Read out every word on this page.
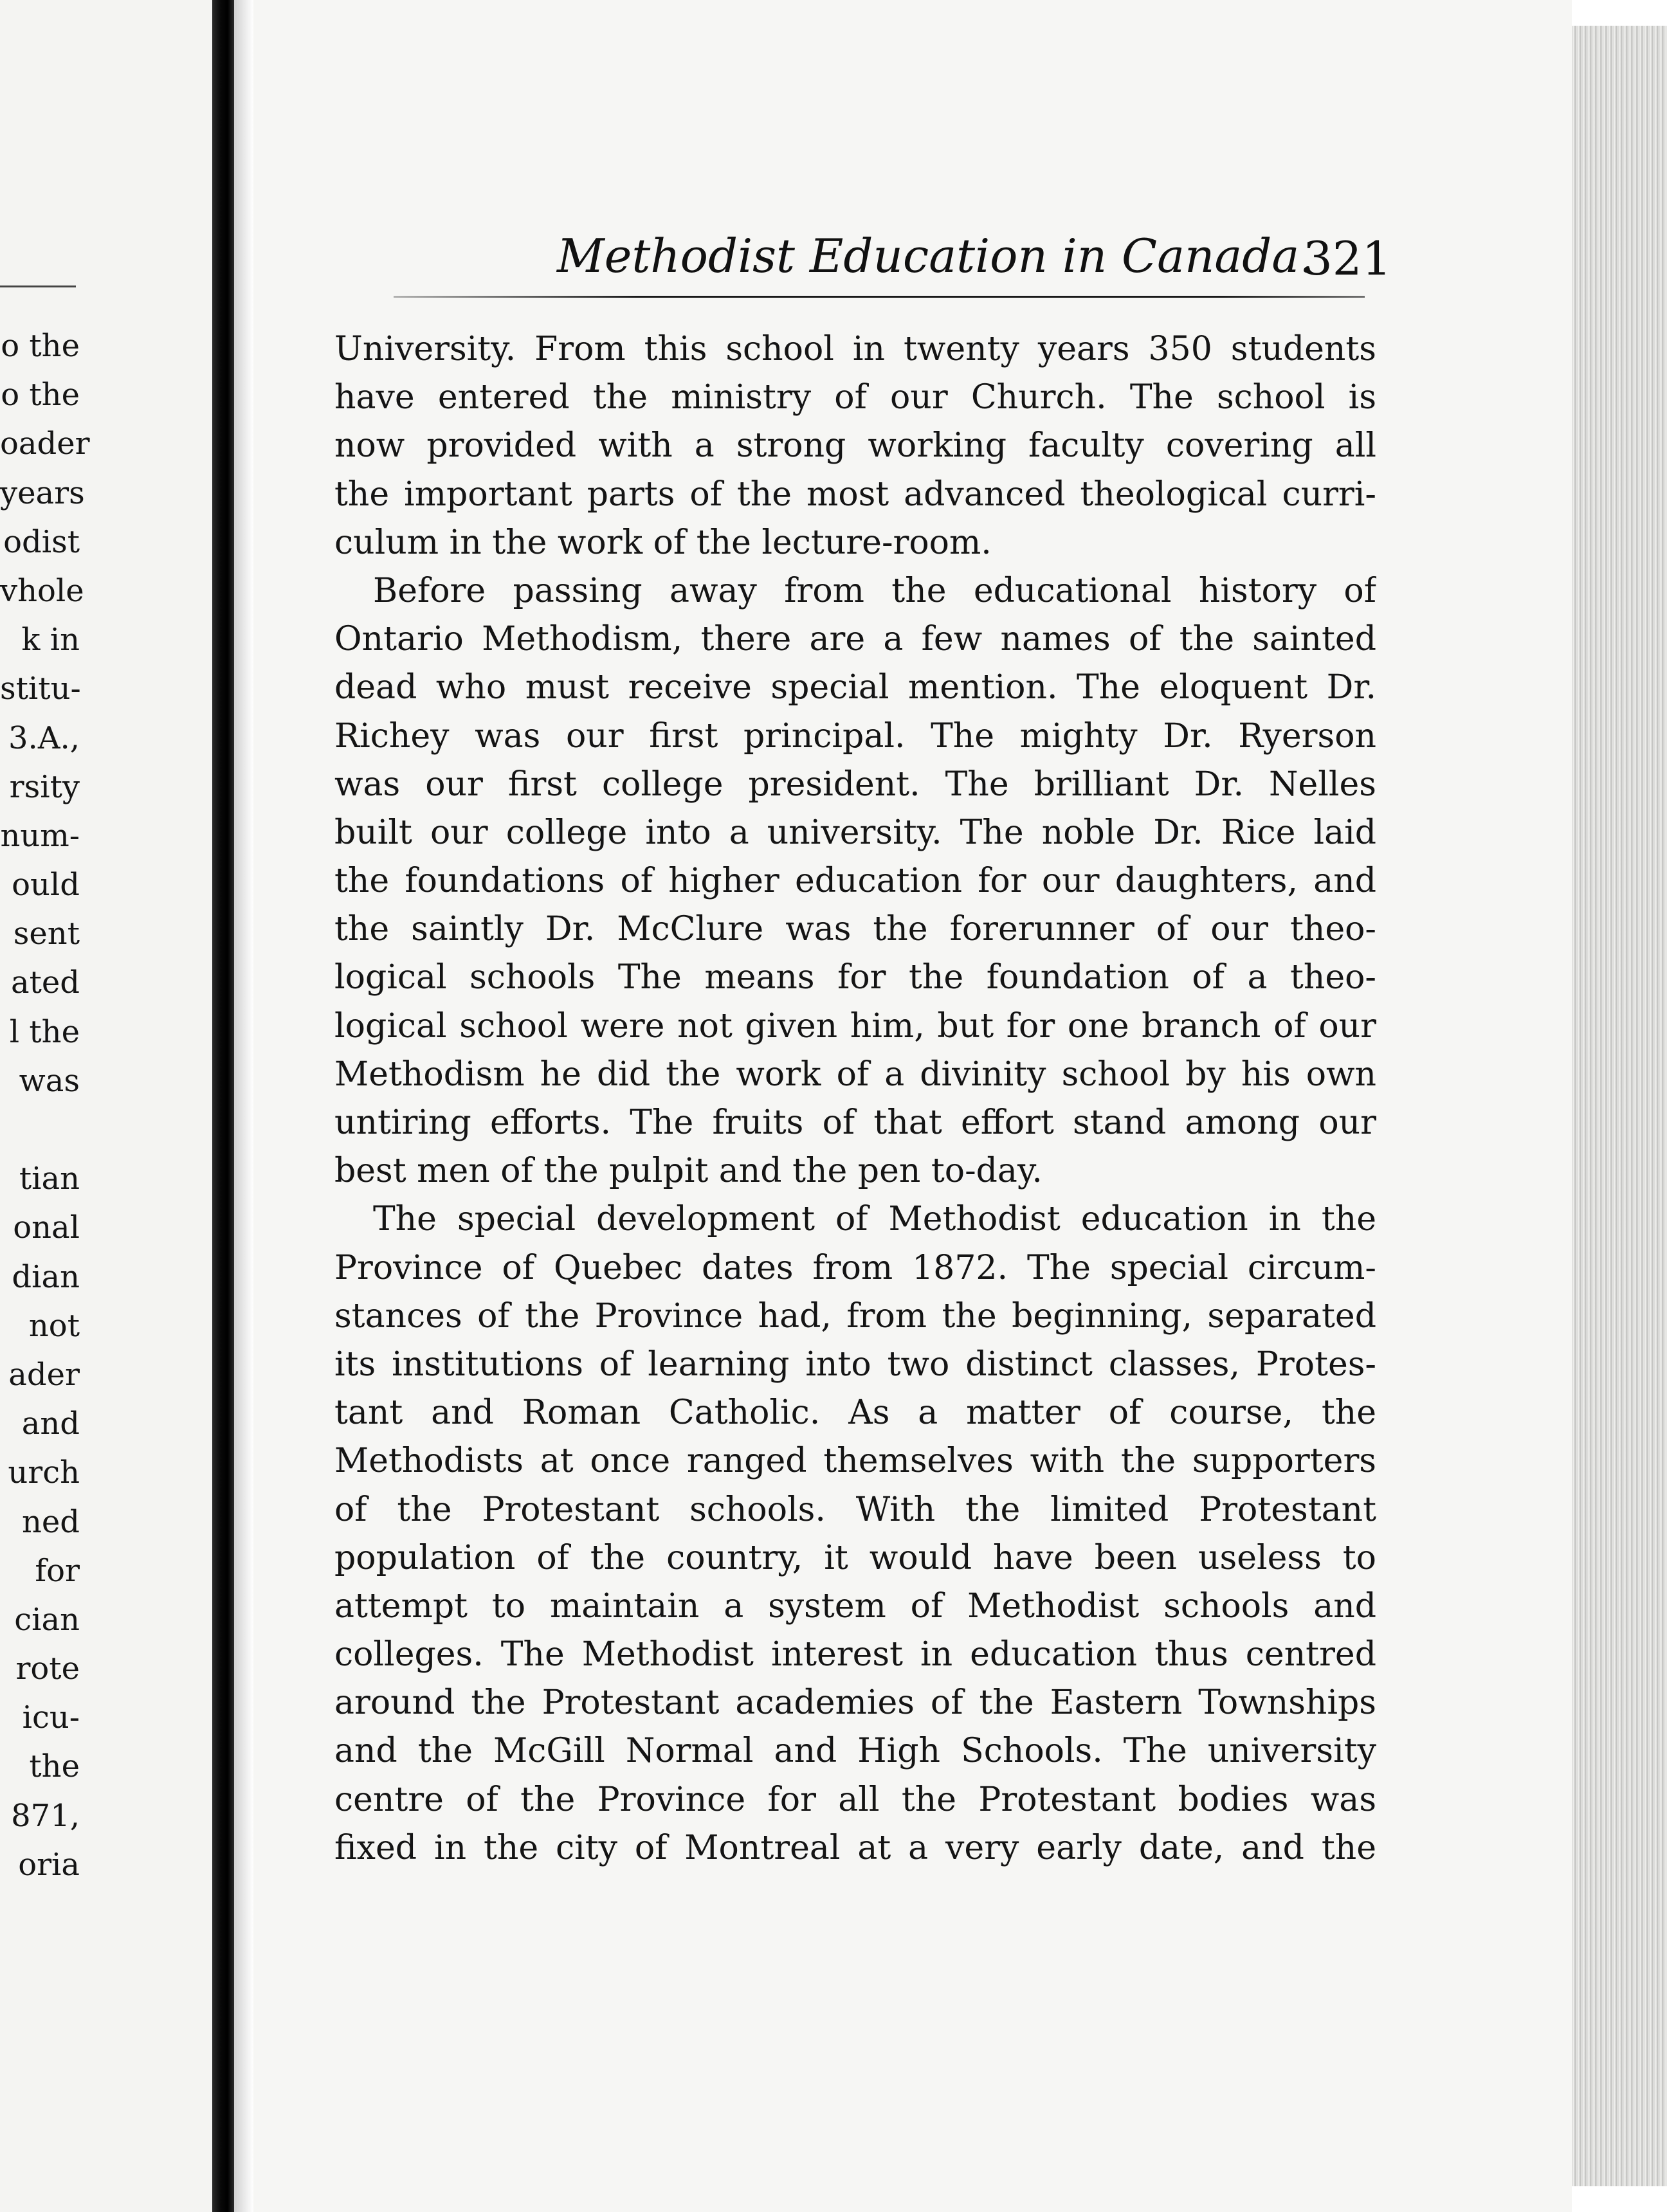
o the
o the
oader
years
odist
vhole
k in
stitu-
3.A.,
rsity
num-
ould
sent
ated
l the
was
tian
onal
dian
not
ader
and
urch
ned
for
cian
rote
icu-
the
871,
oria
Methodist Education in Canada.
321
University. From this school in twenty years 350 students
have entered the ministry of our Church. The school is
now provided with a strong working faculty covering all
the important parts of the most advanced theological curri-
culum in the work of the lecture-room.
Before passing away from the educational history of
Ontario Methodism, there are a few names of the sainted
dead who must receive special mention. The eloquent Dr.
Richey was our first principal. The mighty Dr. Ryerson
was our first college president. The brilliant Dr. Nelles
built our college into a university. The noble Dr. Rice laid
the foundations of higher education for our daughters, and
the saintly Dr. McClure was the forerunner of our theo-
logical schools The means for the foundation of a theo-
logical school were not given him, but for one branch of our
Methodism he did the work of a divinity school by his own
untiring efforts. The fruits of that effort stand among our
best men of the pulpit and the pen to-day.
The special development of Methodist education in the
Province of Quebec dates from 1872. The special circum-
stances of the Province had, from the beginning, separated
its institutions of learning into two distinct classes, Protes-
tant and Roman Catholic. As a matter of course, the
Methodists at once ranged themselves with the supporters
of the Protestant schools. With the limited Protestant
population of the country, it would have been useless to
attempt to maintain a system of Methodist schools and
colleges. The Methodist interest in education thus centred
around the Protestant academies of the Eastern Townships
and the McGill Normal and High Schools. The university
centre of the Province for all the Protestant bodies was
fixed in the city of Montreal at a very early date, and the
